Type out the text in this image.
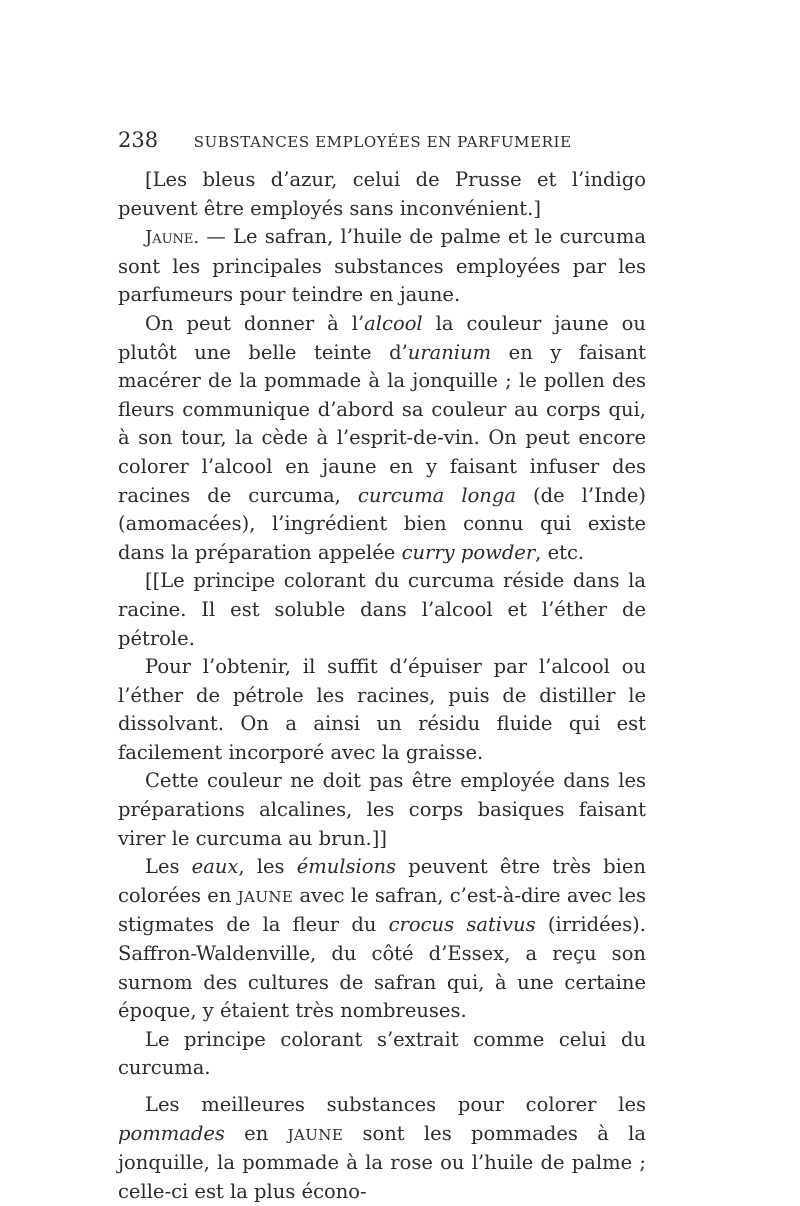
238 SUBSTANCES EMPLOYÉES EN PARFUMERIE

[Les bleus d’azur, celui de Prusse et l’indigo peuvent être employés sans inconvénient.]

Jaune. — Le safran, l’huile de palme et le curcuma sont les principales substances employées par les parfumeurs pour teindre en jaune.

On peut donner à l’alcool la couleur jaune ou plutôt une belle teinte d’uranium en y faisant macérer de la pommade à la jonquille ; le pollen des fleurs communique d’abord sa couleur au corps qui, à son tour, la cède à l’esprit-de-vin. On peut encore colorer l’alcool en jaune en y faisant infuser des racines de curcuma, curcuma longa (de l’Inde) (amomacées), l’ingrédient bien connu qui existe dans la préparation appelée curry powder, etc.

[[Le principe colorant du curcuma réside dans la racine. Il est soluble dans l’alcool et l’éther de pétrole.

Pour l’obtenir, il suffit d’épuiser par l’alcool ou l’éther de pétrole les racines, puis de distiller le dissolvant. On a ainsi un résidu fluide qui est facilement incorporé avec la graisse.

Cette couleur ne doit pas être employée dans les préparations alcalines, les corps basiques faisant virer le curcuma au brun.]]

Les eaux, les émulsions peuvent être très bien colorées en JAUNE avec le safran, c’est-à-dire avec les stigmates de la fleur du crocus sativus (irridées). Saffron-Waldenville, du côté d’Essex, a reçu son surnom des cultures de safran qui, à une certaine époque, y étaient très nombreuses.

Le principe colorant s’extrait comme celui du curcuma.

Les meilleures substances pour colorer les pommades en JAUNE sont les pommades à la jonquille, la pommade à la rose ou l’huile de palme ; celle-ci est la plus écono-
